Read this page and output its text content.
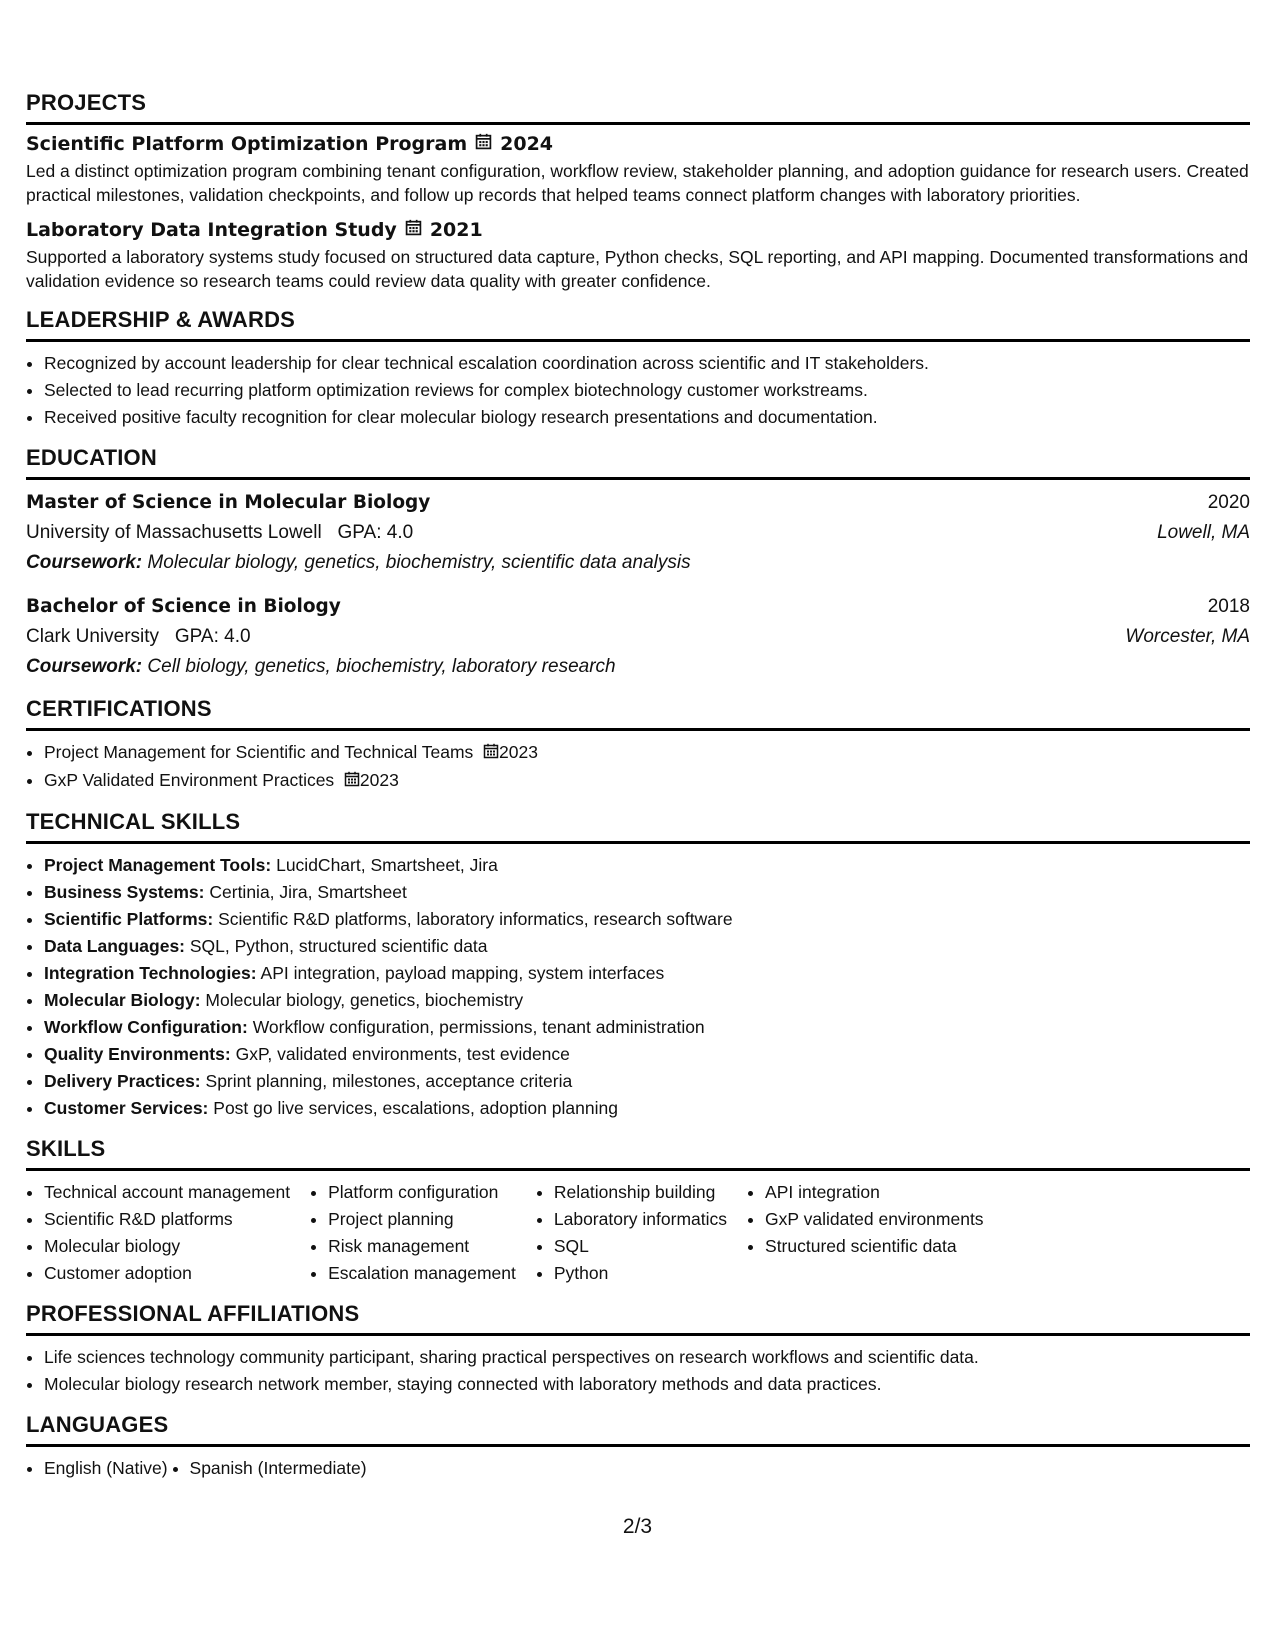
PROJECTS
Scientific Platform Optimization Program 2024
Led a distinct optimization program combining tenant configuration, workflow review, stakeholder planning, and adoption guidance for research users. Created practical milestones, validation checkpoints, and follow up records that helped teams connect platform changes with laboratory priorities.
Laboratory Data Integration Study 2021
Supported a laboratory systems study focused on structured data capture, Python checks, SQL reporting, and API mapping. Documented transformations and validation evidence so research teams could review data quality with greater confidence.
LEADERSHIP & AWARDS
• Recognized by account leadership for clear technical escalation coordination across scientific and IT stakeholders.
• Selected to lead recurring platform optimization reviews for complex biotechnology customer workstreams.
• Received positive faculty recognition for clear molecular biology research presentations and documentation.
EDUCATION
Master of Science in Molecular Biology	2020
University of Massachusetts Lowell GPA: 4.0	Lowell, MA
Coursework: Molecular biology, genetics, biochemistry, scientific data analysis
Bachelor of Science in Biology	2018
Clark University GPA: 4.0	Worcester, MA
Coursework: Cell biology, genetics, biochemistry, laboratory research
CERTIFICATIONS
• Project Management for Scientific and Technical Teams 2023
• GxP Validated Environment Practices 2023
TECHNICAL SKILLS
• Project Management Tools: LucidChart, Smartsheet, Jira
• Business Systems: Certinia, Jira, Smartsheet
• Scientific Platforms: Scientific R&D platforms, laboratory informatics, research software
• Data Languages: SQL, Python, structured scientific data
• Integration Technologies: API integration, payload mapping, system interfaces
• Molecular Biology: Molecular biology, genetics, biochemistry
• Workflow Configuration: Workflow configuration, permissions, tenant administration
• Quality Environments: GxP, validated environments, test evidence
• Delivery Practices: Sprint planning, milestones, acceptance criteria
• Customer Services: Post go live services, escalations, adoption planning
SKILLS
• Technical account management
• Scientific R&D platforms
• Molecular biology
• Customer adoption
• Platform configuration
• Project planning
• Risk management
• Escalation management
• Relationship building
• Laboratory informatics
• SQL
• Python
• API integration
• GxP validated environments
• Structured scientific data
PROFESSIONAL AFFILIATIONS
• Life sciences technology community participant, sharing practical perspectives on research workflows and scientific data.
• Molecular biology research network member, staying connected with laboratory methods and data practices.
LANGUAGES
• English (Native)
• Spanish (Intermediate)
2/3
